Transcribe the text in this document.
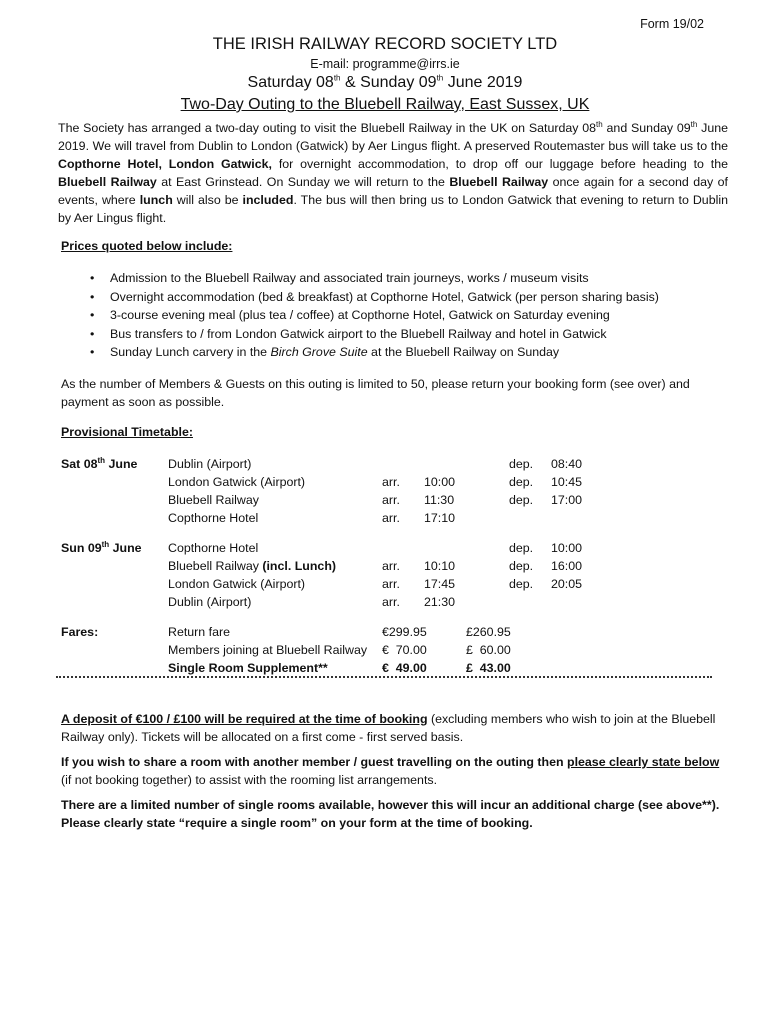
Form 19/02
THE IRISH RAILWAY RECORD SOCIETY LTD
E-mail: programme@irrs.ie
Saturday 08th & Sunday 09th June 2019
Two-Day Outing to the Bluebell Railway, East Sussex, UK
The Society has arranged a two-day outing to visit the Bluebell Railway in the UK on Saturday 08th and Sunday 09th June 2019. We will travel from Dublin to London (Gatwick) by Aer Lingus flight. A preserved Routemaster bus will take us to the Copthorne Hotel, London Gatwick, for overnight accommodation, to drop off our luggage before heading to the Bluebell Railway at East Grinstead. On Sunday we will return to the Bluebell Railway once again for a second day of events, where lunch will also be included. The bus will then bring us to London Gatwick that evening to return to Dublin by Aer Lingus flight.
Prices quoted below include:
• Admission to the Bluebell Railway and associated train journeys, works / museum visits
• Overnight accommodation (bed & breakfast) at Copthorne Hotel, Gatwick (per person sharing basis)
• 3-course evening meal (plus tea / coffee) at Copthorne Hotel, Gatwick on Saturday evening
• Bus transfers to / from London Gatwick airport to the Bluebell Railway and hotel in Gatwick
• Sunday Lunch carvery in the Birch Grove Suite at the Bluebell Railway on Sunday
As the number of Members & Guests on this outing is limited to 50, please return your booking form (see over) and payment as soon as possible.
Provisional Timetable:
Sat 08th June Dublin (Airport)	dep. 08:40
London Gatwick (Airport)	arr. 10:00	dep. 10:45
Bluebell Railway	arr. 11:30	dep. 17:00
Copthorne Hotel	arr. 17:10
Sun 09th June Copthorne Hotel	dep. 10:00
Bluebell Railway (incl. Lunch)	arr. 10:10	dep. 16:00
London Gatwick (Airport)	arr. 17:45	dep. 20:05
Dublin (Airport)	arr. 21:30
Fares:	Return fare	€299.95	£260.95
Members joining at Bluebell Railway €  70.00	£  60.00
Single Room Supplement**	€  49.00	£  43.00
A deposit of €100 / £100 will be required at the time of booking (excluding members who wish to join at the Bluebell Railway only). Tickets will be allocated on a first come - first served basis.
If you wish to share a room with another member / guest travelling on the outing then please clearly state below (if not booking together) to assist with the rooming list arrangements.
There are a limited number of single rooms available, however this will incur an additional charge (see above**). Please clearly state “require a single room” on your form at the time of booking.
